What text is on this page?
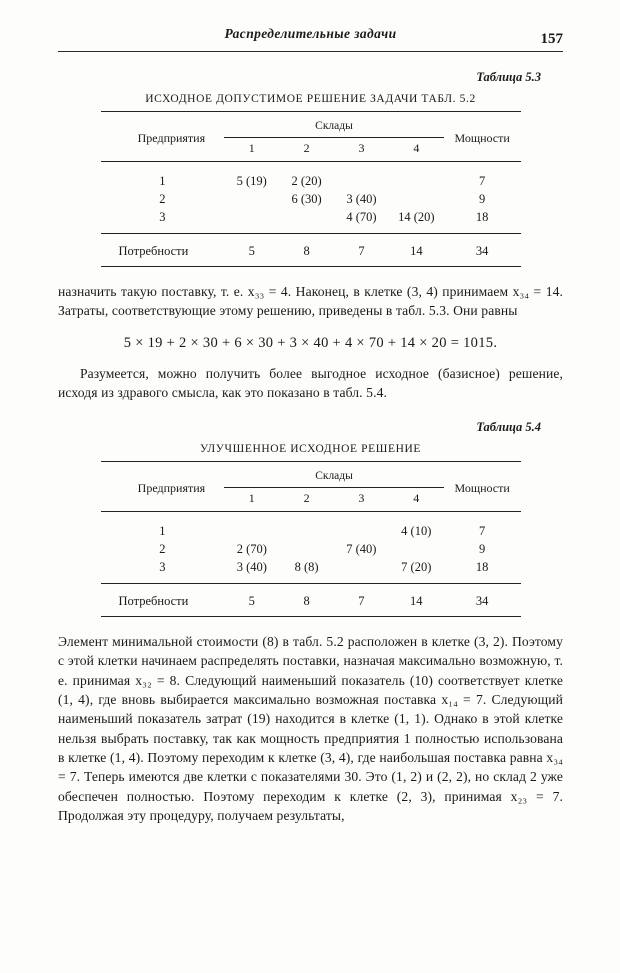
Распределительные задачи	157
Таблица 5.3
ИСХОДНОЕ ДОПУСТИМОЕ РЕШЕНИЕ ЗАДАЧИ ТАБЛ. 5.2

Предприятия	Склады				Мощности
	1	2	3	4	

1	5 (19)	2 (20)			7
2		6 (30)	3 (40)		9
3			4 (70)	14 (20)	18

Потребности	5	8	7	14	34

назначить такую поставку, т. е. x₃₃ = 4. Наконец, в клетке (3, 4) принимаем x₃₄ = 14. Затраты, соответствующие этому решению, приведены в табл. 5.3. Они равны

5 × 19 + 2 × 30 + 6 × 30 + 3 × 40 + 4 × 70 + 14 × 20 = 1015.

Разумеется, можно получить более выгодное исходное (базисное) решение, исходя из здравого смысла, как это показано в табл. 5.4.

Таблица 5.4
УЛУЧШЕННОЕ ИСХОДНОЕ РЕШЕНИЕ

Предприятия	Склады				Мощности
	1	2	3	4	

1				4 (10)	7
2	2 (70)		7 (40)		9
3	3 (40)	8 (8)		7 (20)	18

Потребности	5	8	7	14	34

Элемент минимальной стоимости (8) в табл. 5.2 расположен в клетке (3, 2). Поэтому с этой клетки начинаем распределять поставки, назначая максимально возможную, т. е. принимая x₃₂ = 8. Следующий наименьший показатель (10) соответствует клетке (1, 4), где вновь выбирается максимально возможная поставка x₁₄ = 7. Следующий наименьший показатель затрат (19) находится в клетке (1, 1). Однако в этой клетке нельзя выбрать поставку, так как мощность предприятия 1 полностью использована в клетке (1, 4). Поэтому переходим к клетке (3, 4), где наибольшая поставка равна x₃₄ = 7. Теперь имеются две клетки с показателями 30. Это (1, 2) и (2, 2), но склад 2 уже обеспечен полностью. Поэтому переходим к клетке (2, 3), принимая x₂₃ = 7. Продолжая эту процедуру, получаем результаты,
